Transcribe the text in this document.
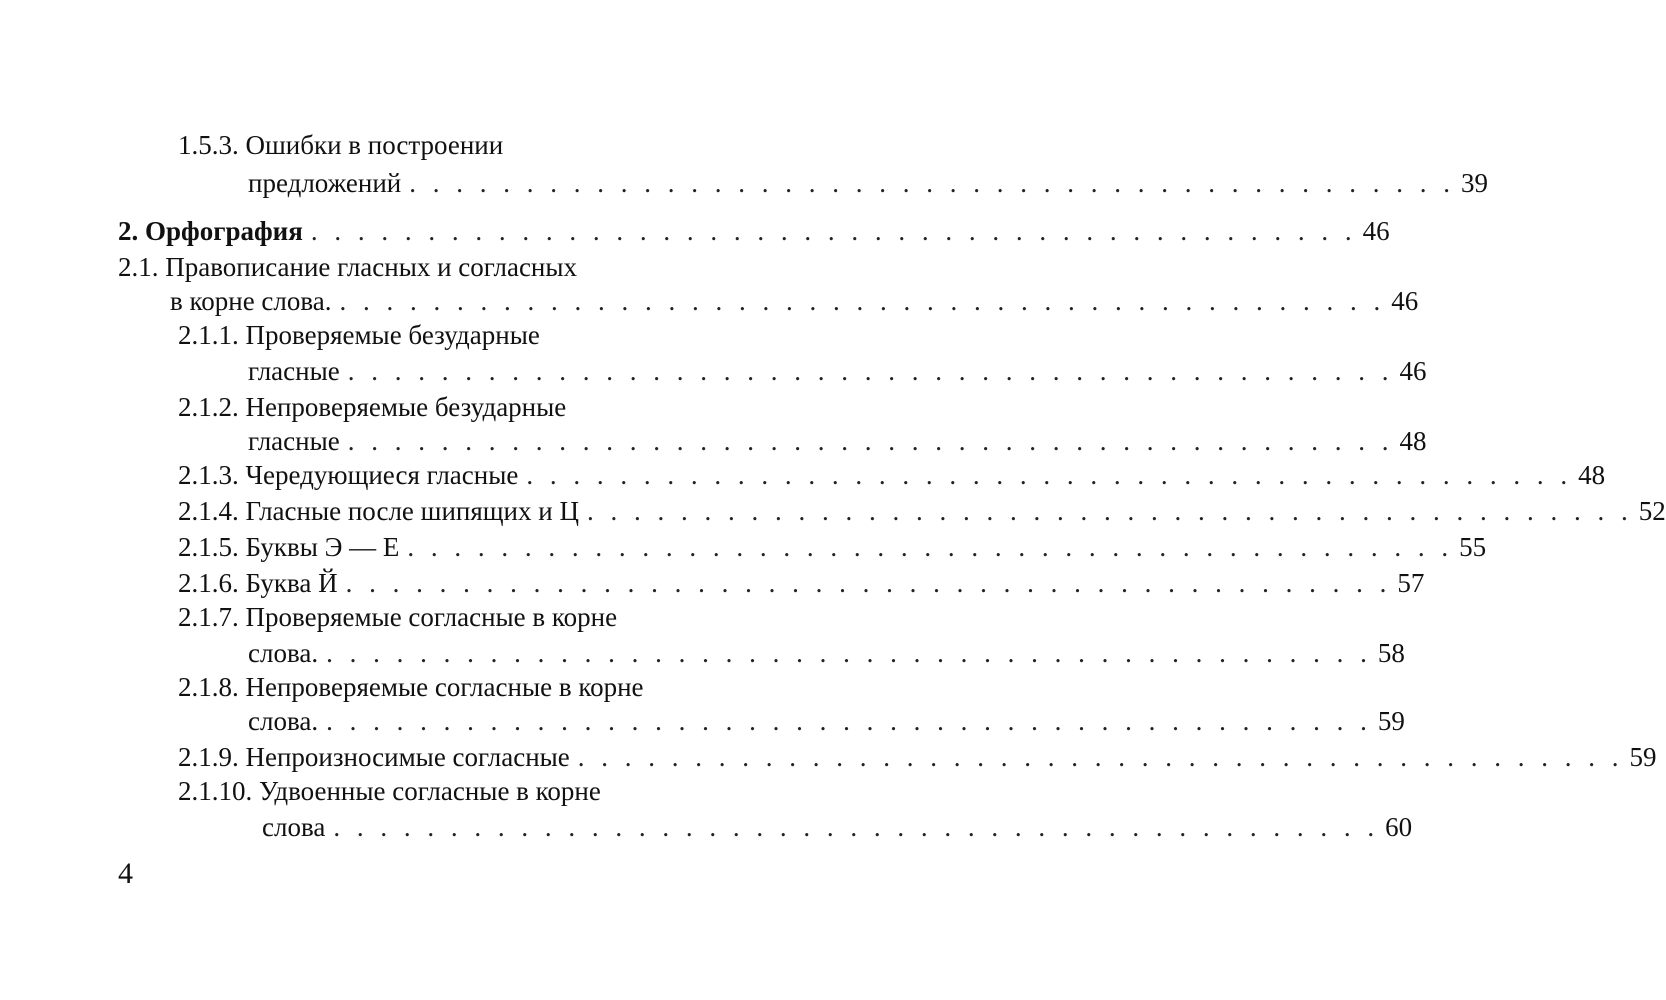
1.5.3. Ошибки в построении
предложений . . . . . . . . . . . . . . . . . . . . . . . . . . . . . . . . . . . . . . . . . . . . . 39
2. Орфография . . . . . . . . . . . . . . . . . . . . . . . . . . . . . . . . . . . . . . . . . . . . . 46
2.1. Правописание гласных и согласных
в корне слова. . . . . . . . . . . . . . . . . . . . . . . . . . . . . . . . . . . . . . . . . . . . . . 46
2.1.1. Проверяемые безударные
гласные . . . . . . . . . . . . . . . . . . . . . . . . . . . . . . . . . . . . . . . . . . . . . 46
2.1.2. Непроверяемые безударные
гласные . . . . . . . . . . . . . . . . . . . . . . . . . . . . . . . . . . . . . . . . . . . . . 48
2.1.3. Чередующиеся гласные . . . . . . . . . . . . . . . . . . . . . . . . . . . . . . . . . . . . . . . . . . . . . 48
2.1.4. Гласные после шипящих и Ц . . . . . . . . . . . . . . . . . . . . . . . . . . . . . . . . . . . . . . . . . . . . . 52
2.1.5. Буквы Э — Е . . . . . . . . . . . . . . . . . . . . . . . . . . . . . . . . . . . . . . . . . . . . . 55
2.1.6. Буква Й . . . . . . . . . . . . . . . . . . . . . . . . . . . . . . . . . . . . . . . . . . . . . 57
2.1.7. Проверяемые согласные в корне
слова. . . . . . . . . . . . . . . . . . . . . . . . . . . . . . . . . . . . . . . . . . . . . . 58
2.1.8. Непроверяемые согласные в корне
слова. . . . . . . . . . . . . . . . . . . . . . . . . . . . . . . . . . . . . . . . . . . . . . 59
2.1.9. Непроизносимые согласные . . . . . . . . . . . . . . . . . . . . . . . . . . . . . . . . . . . . . . . . . . . . . 59
2.1.10. Удвоенные согласные в корне
слова . . . . . . . . . . . . . . . . . . . . . . . . . . . . . . . . . . . . . . . . . . . . . 60
4
